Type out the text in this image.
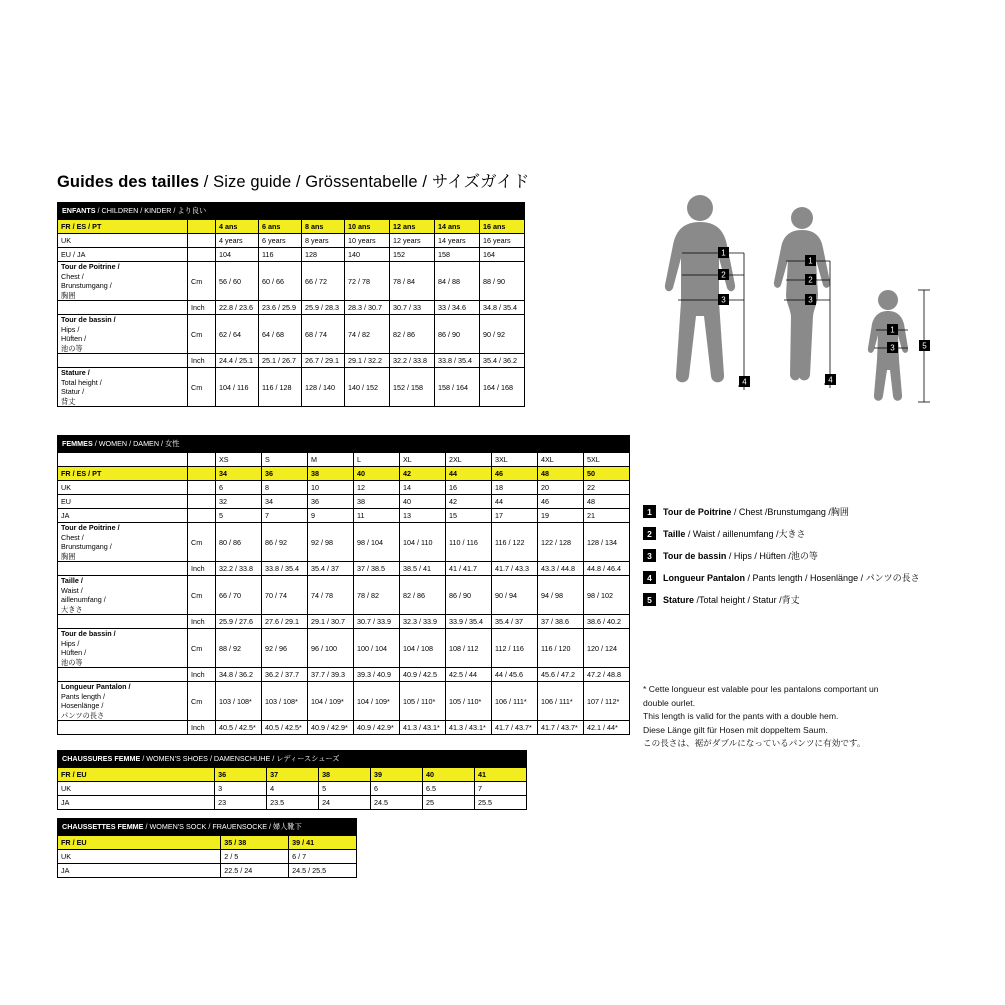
Guides des tailles / Size guide / Grössentabelle / サイズガイド
ENFANTS / CHILDREN / KINDER / より良い								
FR / ES / PT		4 ans	6 ans	8 ans	10 ans	12 ans	14 ans	16 ans
UK		4 years	6 years	8 years	10 years	12 years	14 years	16 years
EU / JA		104	116	128	140	152	158	164
Tour de Poitrine /
Chest /
Brunstumgang /
胸囲	Cm	56 / 60	60 / 66	66 / 72	72 / 78	78 / 84	84 / 88	88 / 90
	Inch	22.8 / 23.6	23.6 / 25.9	25.9 / 28.3	28.3 / 30.7	30.7 / 33	33 / 34.6	34.8 / 35.4
Tour de bassin /
Hips /
Hüften /
池の等	Cm	62 / 64	64 / 68	68 / 74	74 / 82	82 / 86	86 / 90	90 / 92
	Inch	24.4 / 25.1	25.1 / 26.7	26.7 / 29.1	29.1 / 32.2	32.2 / 33.8	33.8 / 35.4	35.4 / 36.2
Stature /
Total height /
Statur /
背丈	Cm	104 / 116	116 / 128	128 / 140	140 / 152	152 / 158	158 / 164	164 / 168
FEMMES / WOMEN / DAMEN / 女性										
		XS	S	M	L	XL	2XL	3XL	4XL	5XL
FR / ES / PT		34	36	38	40	42	44	46	48	50
UK		6	8	10	12	14	16	18	20	22
EU		32	34	36	38	40	42	44	46	48
JA		5	7	9	11	13	15	17	19	21
Tour de Poitrine /
Chest /
Brunstumgang /
胸囲	Cm	80 / 86	86 / 92	92 / 98	98 / 104	104 / 110	110 / 116	116 / 122	122 / 128	128 / 134
	Inch	32.2 / 33.8	33.8 / 35.4	35.4 / 37	37 / 38.5	38.5 / 41	41 / 41.7	41.7 / 43.3	43.3 / 44.8	44.8 / 46.4
Taille /
Waist /
aillenumfang /
大きさ	Cm	66 / 70	70 / 74	74 / 78	78 / 82	82 / 86	86 / 90	90 / 94	94 / 98	98 / 102
	Inch	25.9 / 27.6	27.6 / 29.1	29.1 / 30.7	30.7 / 33.9	32.3 / 33.9	33.9 / 35.4	35.4 / 37	37 / 38.6	38.6 / 40.2
Tour de bassin /
Hips /
Hüften /
池の等	Cm	88 / 92	92 / 96	96 / 100	100 / 104	104 / 108	108 / 112	112 / 116	116 / 120	120 / 124
	Inch	34.8 / 36.2	36.2 / 37.7	37.7 / 39.3	39.3 / 40.9	40.9 / 42.5	42.5 / 44	44 / 45.6	45.6 / 47.2	47.2 / 48.8
Longueur Pantalon /
Pants length /
Hosenlänge /
パンツの長さ	Cm	103 / 108*	103 / 108*	104 / 109*	104 / 109*	105 / 110*	105 / 110*	106 / 111*	106 / 111*	107 / 112*
	Inch	40.5 / 42.5*	40.5 / 42.5*	40.9 / 42.9*	40.9 / 42.9*	41.3 / 43.1*	41.3 / 43.1*	41.7 / 43.7*	41.7 / 43.7*	42.1 / 44*
CHAUSSURES FEMME / WOMEN'S SHOES / DAMENSCHUHE / レディースシューズ						
FR / EU	36	37	38	39	40	41
UK	3	4	5	6	6.5	7
JA	23	23.5	24	24.5	25	25.5
CHAUSSETTES FEMME / WOMEN'S SOCK / FRAUENSOCKE / 婦人靴下		
FR / EU	35 / 38	39 / 41
UK	2 / 5	6 / 7
JA	22.5 / 24	24.5 / 25.5
1
2
3
4
1
2
3
4
1
3	5
1	Tour de Poitrine / Chest /Brunstumgang /胸囲
2	Taille / Waist / aillenumfang /大きさ
3	Tour de bassin / Hips / Hüften /池の等
4	Longueur Pantalon / Pants length / Hosenlänge / パンツの長さ
5	Stature /Total height / Statur /背丈
* Cette longueur est valable pour les pantalons comportant un
double ourlet.
This length is valid for the pants with a double hem.
Diese Länge gilt für Hosen mit doppeltem Saum.
この長さは、裾がダブルになっているパンツに有効です。
